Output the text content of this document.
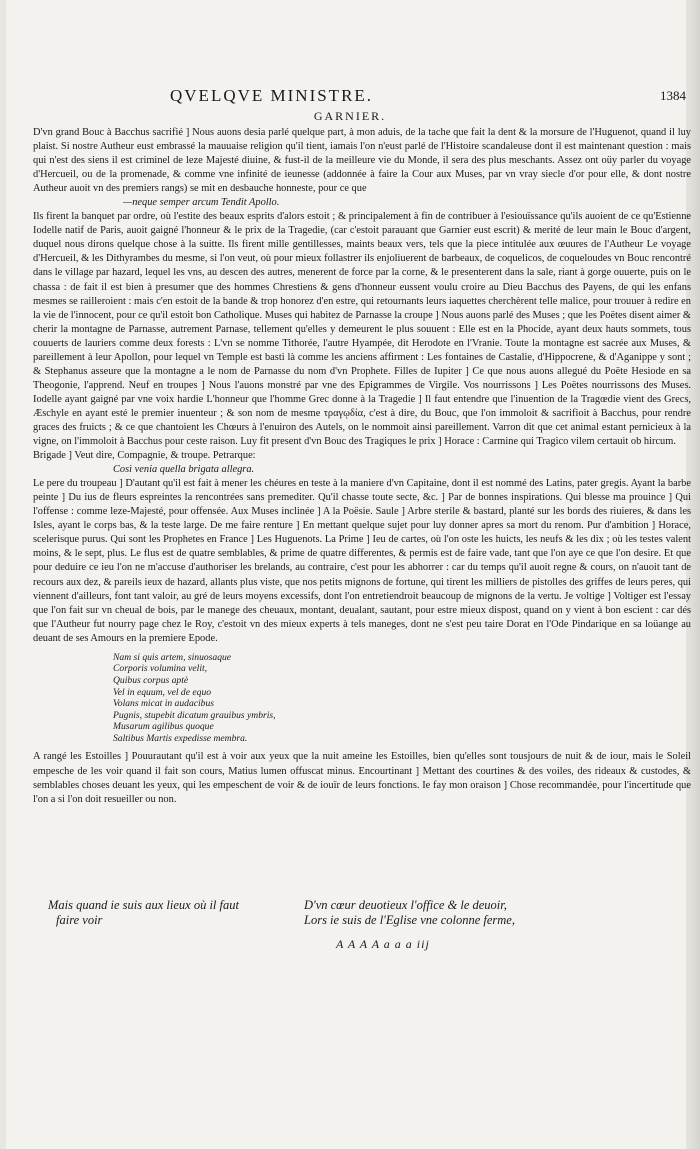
QVELQVE MINISTRE.	1384
GARNIER.

D'vn grand Bouc à Bacchus sacrifié ] Nous auons desia parlé quelque part, à mon aduis, de la tache que fait la dent & la morsure de l'Huguenot, quand il luy plaist. Si nostre Autheur eust embrassé la mauuaise religion qu'il tient, iamais l'on n'eust parlé de l'Histoire scandaleuse dont il est maintenant question : mais qui n'est des siens il est criminel de leze Majesté diuine, & fust-il de la meilleure vie du Monde, il sera des plus meschants. Assez ont oüy parler du voyage d'Hercueil, ou de la promenade, & comme vne infinité de ieunesse (addonnée à faire la Cour aux Muses, par vn vray siecle d'or pour elle, & dont nostre Autheur auoit vn des premiers rangs) se mit en desbauche honneste, pour ce que

—neque semper arcum Tendit Apollo.

Ils firent la banquet par ordre, où l'estite des beaux esprits d'alors estoit ; & principalement à fin de contribuer à l'esiouïssance qu'ils auoient de ce qu'Estienne Iodelle natif de Paris, auoit gaigné l'honneur & le prix de la Tragedie, (car c'estoit parauant que Garnier eust escrit) & merité de leur main le Bouc d'argent, duquel nous dirons quelque chose à la suitte. Ils firent mille gentillesses, maints beaux vers, tels que la piece intitulée aux œuures de l'Autheur Le voyage d'Hercueil, & les Dithyrambes du mesme, si l'on veut, où pour mieux follastrer ils enjoliuerent de barbeaux, de coquelicos, de coqueloudes vn Bouc rencontré dans le village par hazard, lequel les vns, au descen des autres, menerent de force par la corne, & le presenterent dans la sale, riant à gorge ouuerte, puis on le chassa : de fait il est bien à presumer que des hommes Chrestiens & gens d'honneur eussent voulu croire au Dieu Bacchus des Payens, de qui les enfans mesmes se railleroient : mais c'en estoit de la bande & trop honorez d'en estre, qui retournants leurs iaquettes cherchèrent telle malice, pour trouuer à redire en la vie de l'innocent, pour ce qu'il estoit bon Catholique. Muses qui habitez de Parnasse la croupe ] Nous auons parlé des Muses ; que les Poëtes disent aimer & cherir la montagne de Parnasse, autrement Parnase, tellement qu'elles y demeurent le plus souuent : Elle est en la Phocide, ayant deux hauts sommets, tous couuerts de lauriers comme deux forests : L'vn se nomme Tithorée, l'autre Hyampée, dit Herodote en l'Vranie. Toute la montagne est sacrée aux Muses, & pareillement à leur Apollon, pour lequel vn Temple est basti là comme les anciens affirment : Les fontaines de Castalie, d'Hippocrene, & d'Aganippe y sont ; & Stephanus asseure que la montagne a le nom de Parnasse du nom d'vn Prophete. Filles de Iupiter ] Ce que nous auons allegué du Poëte Hesiode en sa Theogonie, l'apprend. Neuf en troupes ] Nous l'auons monstré par vne des Epigrammes de Virgile. Vos nourrissons ] Les Poëtes nourrissons des Muses. Iodelle ayant gaigné par vne voix hardie L'honneur que l'homme Grec donne à la Tragedie ] Il faut entendre que l'inuention de la Tragœdie vient des Grecs, Æschyle en ayant esté le premier inuenteur ; & son nom de mesme τραγῳδία, c'est à dire, du Bouc, que l'on immoloit & sacrifioit à Bacchus, pour rendre graces des fruicts ; & ce que chantoient les Chœurs à l'enuiron des Autels, on le nommoit ainsi pareillement. Varron dit que cet animal estant pernicieux à la vigne, on l'immoloit à Bacchus pour ceste raison. Luy fit present d'vn Bouc des Tragiques le prix ] Horace : Carmine qui Tragico vilem certauit ob hircum.

Brigade ] Veut dire, Compagnie, & troupe. Petrarque:

Così venia quella brigata allegra.

Le pere du troupeau ] D'autant qu'il est fait à mener les chéures en teste à la maniere d'vn Capitaine, dont il est nommé des Latins, pater gregis. Ayant la barbe peinte ] Du ius de fleurs espreintes la rencontrées sans premediter. Qu'il chasse toute secte, &c. ] Par de bonnes inspirations. Qui blesse ma prouince ] Qui l'offense : comme leze-Majesté, pour offensée. Aux Muses inclinée ] A la Poësie. Saule ] Arbre sterile & bastard, planté sur les bords des riuieres, & dans les Isles, ayant le corps bas, & la teste large. De me faire renture ] En mettant quelque sujet pour luy donner apres sa mort du renom. Pur d'ambition ] Horace, scelerisque purus. Qui sont les Prophetes en France ] Les Huguenots. La Prime ] Ieu de cartes, où l'on oste les huicts, les neufs & les dix ; où les testes valent moins, & le sept, plus. Le flus est de quatre semblables, & prime de quatre differentes, & permis est de faire vade, tant que l'on aye ce que l'on desire. Et que pour deduire ce ieu l'on ne m'accuse d'authoriser les brelands, au contraire, c'est pour les abhorrer : car du temps qu'il auoit regne & cours, on n'auoit tant de recours aux dez, & pareils ieux de hazard, allants plus viste, que nos petits mignons de fortune, qui tirent les milliers de pistolles des griffes de leurs peres, qui viennent d'ailleurs, font tant valoir, au gré de leurs moyens excessifs, dont l'on entretiendroit beaucoup de mignons de la vertu. Je voltige ] Voltiger est l'essay que l'on fait sur vn cheual de bois, par le manege des cheuaux, montant, deualant, sautant, pour estre mieux dispost, quand on y vient à bon escient : car dés que l'Autheur fut nourry page chez le Roy, c'estoit vn des mieux experts à tels maneges, dont ne s'est peu taire Dorat en l'Ode Pindarique en sa loüange au deuant de ses Amours en la premiere Epode.

Nam si quis artem, sinuosaque
Corporis volumina velit,
Quibus corpus aptè
Vel in equum, vel de equo
Volans micat in audacibus
Pugnis, stupebit dicatum grauibus ymbris,
Musarum agilibus quoque
Saltibus Martis expedisse membra.

A rangé les Estoilles ] Pouurautant qu'il est à voir aux yeux que la nuit ameine les Estoilles, bien qu'elles sont tousjours de nuit & de iour, mais le Soleil empesche de les voir quand il fait son cours, Matius lumen offuscat minus. Encourtinant ] Mettant des courtines & des voiles, des rideaux & custodes, & semblables choses deuant les yeux, qui les empeschent de voir & de iouïr de leurs fonctions. Ie fay mon oraison ] Chose recommandée, pour l'incertitude que l'on a si l'on doit resueiller ou non.

Mais quand ie suis aux lieux où il faut
faire voir
D'vn cœur deuotieux l'office & le deuoir,
Lors ie suis de l'Eglise vne colonne ferme,
A A A A a a a iij
